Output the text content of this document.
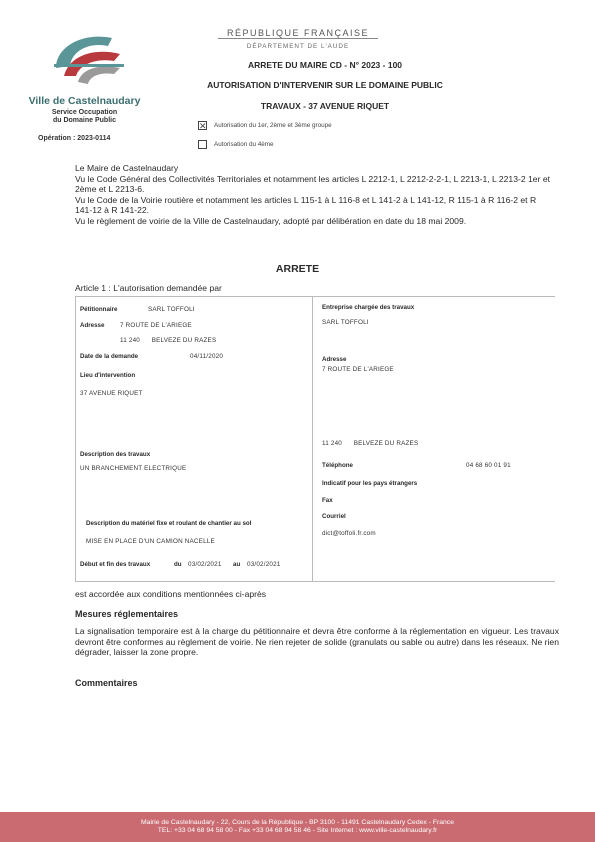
Ville de Castelnaudary
Service Occupation
du Domaine Public
Opération : 2023-0114
RÉPUBLIQUE FRANÇAISE
DÉPARTEMENT DE L'AUDE
ARRETE DU MAIRE CD - N° 2023 - 100
AUTORISATION D'INTERVENIR SUR LE DOMAINE PUBLIC
TRAVAUX - 37 AVENUE RIQUET
✕
Autorisation du 1er, 2ème et 3ème groupe
Autorisation du 4ème
Le Maire de Castelnaudary
Vu le Code Général des Collectivités Territoriales et notamment les articles L 2212-1, L 2212-2-2-1, L 2213-1, L 2213-2 1er et 2ème et L 2213-6.
Vu le Code de la Voirie routière et notamment les articles L 115-1 à L 116-8 et L 141-2 à L 141-12, R 115-1 à R 116-2 et R 141-12 à R 141-22.
Vu le règlement de voirie de la Ville de Castelnaudary, adopté par délibération en date du 18 mai 2009.
ARRETE
Article 1 : L'autorisation demandée par
Pétitionnaire	SARL TOFFOLI
Adresse 7 ROUTE DE L'ARIEGE
11 240      BELVEZE DU RAZES
Date de la demande	04/11/2020
Lieu d'intervention
37 AVENUE RIQUET
Description des travaux
UN BRANCHEMENT ELECTRIQUE
Description du matériel fixe et roulant de chantier au sol
MISE EN PLACE D'UN CAMION NACELLE
Début et fin des travaux	du 03/02/2021 au 03/02/2021
Entreprise chargée des travaux
SARL TOFFOLI
Adresse
7 ROUTE DE L'ARIEGE
11 240      BELVEZE DU RAZES
Téléphone	04 68 60 01 91
Indicatif pour les pays étrangers
Fax
Courriel
dict@toffoli.fr.com
est accordée aux conditions mentionnées ci-après
Mesures réglementaires
La signalisation temporaire est à la charge du pétitionnaire et devra être conforme à la réglementation en vigueur. Les travaux devront être conformes au règlement de voirie. Ne rien rejeter de solide (granulats ou sable ou autre) dans les réseaux. Ne rien dégrader, laisser la zone propre.
Commentaires
Mairie de Castelnaudary - 22, Cours de la République - BP 3100 - 11491 Castelnaudary Cedex - France
TEL: +33 04 68 94 58 00 - Fax +33 04 68 94 58 46 - Site Internet : www.ville-castelnaudary.fr
